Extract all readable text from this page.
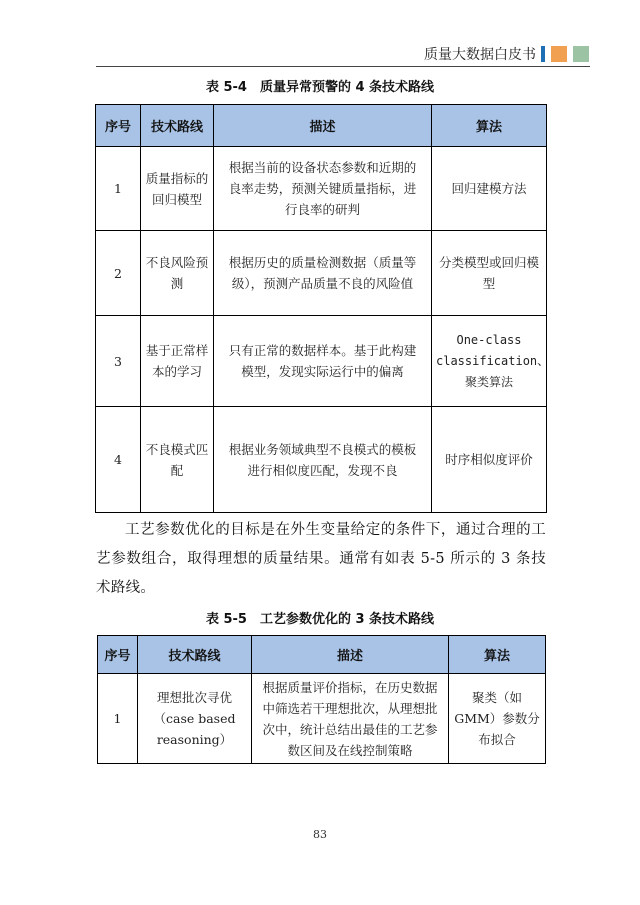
质量大数据白皮书
表 5-4　质量异常预警的 4 条技术路线
序号	技术路线	描述	算法
1	质量指标的回归模型	根据当前的设备状态参数和近期的良率走势，预测关键质量指标，进行良率的研判	回归建模方法
2	不良风险预测	根据历史的质量检测数据（质量等级），预测产品质量不良的风险值	分类模型或回归模型
3	基于正常样本的学习	只有正常的数据样本。基于此构建模型，发现实际运行中的偏离	One-class classification、聚类算法
4	不良模式匹配	根据业务领域典型不良模式的模板进行相似度匹配，发现不良	时序相似度评价

工艺参数优化的目标是在外生变量给定的条件下，通过合理的工艺参数组合，取得理想的质量结果。通常有如表 5-5 所示的 3 条技术路线。

表 5-5　工艺参数优化的 3 条技术路线
序号	技术路线	描述	算法
1	理想批次寻优（case based reasoning）	根据质量评价指标，在历史数据中筛选若干理想批次，从理想批次中，统计总结出最佳的工艺参数区间及在线控制策略	聚类（如 GMM）参数分布拟合
83
